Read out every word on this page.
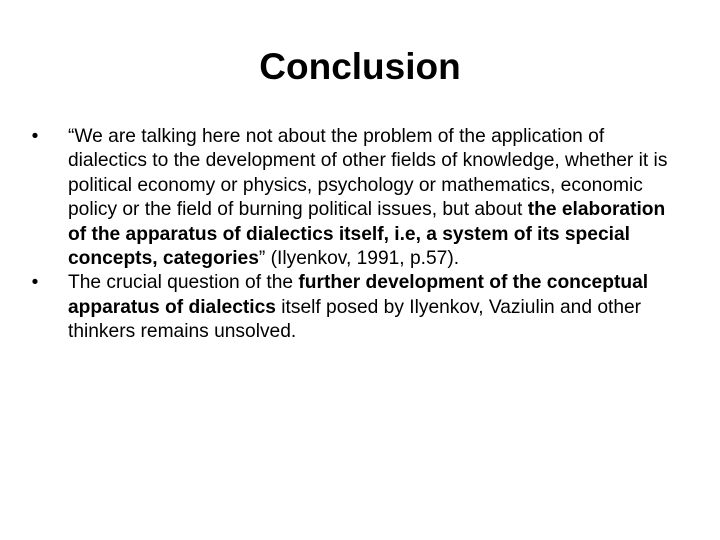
Conclusion
• “We are talking here not about the problem of the application of dialectics to the development of other fields of knowledge, whether it is political economy or physics, psychology or mathematics, economic policy or the field of burning political issues, but about the elaboration of the apparatus of dialectics itself, i.e, a system of its special concepts, categories” (Ilyenkov, 1991, p.57).
• The crucial question of the further development of the conceptual apparatus of dialectics itself posed by Ilyenkov, Vaziulin and other thinkers remains unsolved.
